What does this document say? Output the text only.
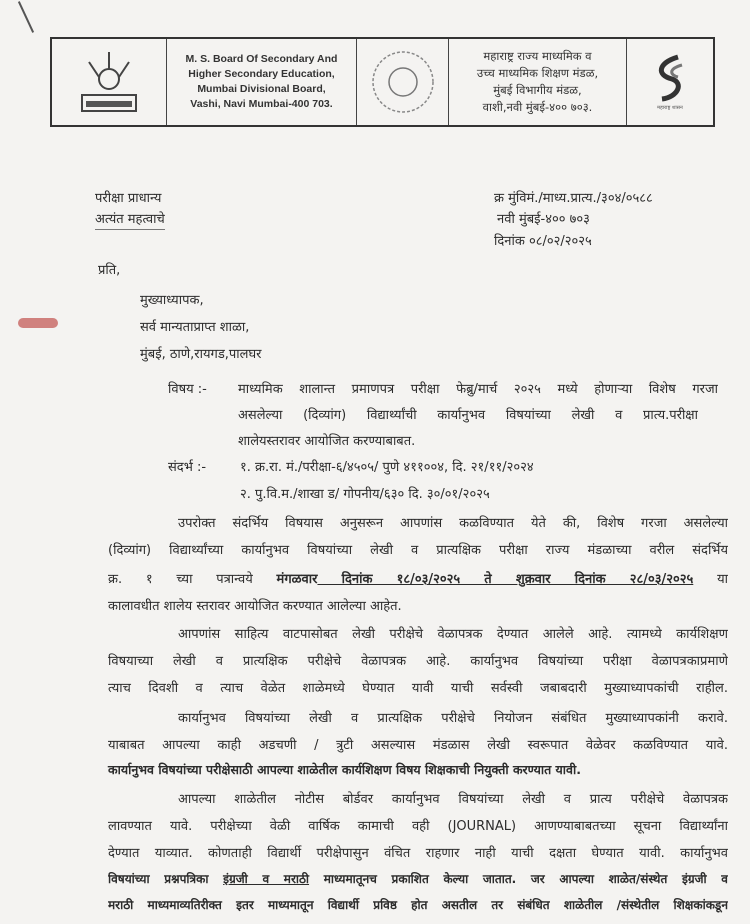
M. S. Board Of Secondary And
Higher Secondary Education,
Mumbai Divisional Board,
Vashi, Navi Mumbai-400 703.
महाराष्ट्र राज्य माध्यमिक व
उच्च माध्यमिक शिक्षण मंडळ,
मुंबई विभागीय मंडळ,
वाशी,नवी मुंबई-४०० ७०३.	महाराष्ट्र शासन
परीक्षा प्राधान्य
अत्यंत महत्वाचे
क्र मुंविमं./माध्य.प्रात्य./३०४/०५८८
नवी मुंबई-४०० ७०३
दिनांक ०८/०२/२०२५
प्रति,
मुख्याध्यापक,
सर्व मान्यताप्राप्त शाळा,
मुंबई, ठाणे,रायगड,पालघर
विषय :- माध्यमिक शालान्त प्रमाणपत्र परीक्षा फेब्रु/मार्च २०२५ मध्ये होणाऱ्या विशेष गरजा
असलेल्या (दिव्यांग) विद्यार्थ्यांची कार्यानुभव विषयांच्या लेखी व प्रात्य.परीक्षा
शालेयस्तरावर आयोजित करण्याबाबत.
संदर्भ :-	१. क्र.रा. मं./परीक्षा-६/४५०५/ पुणे ४११००४, दि. २१/११/२०२४
२. पु.वि.म./शाखा ड/ गोपनीय/६३० दि. ३०/०१/२०२५
उपरोक्त संदर्भिय विषयास अनुसरून आपणांस कळविण्यात येते की, विशेष गरजा असलेल्या
(दिव्यांग) विद्यार्थ्यांच्या कार्यानुभव विषयांच्या लेखी व प्रात्यक्षिक परीक्षा राज्य मंडळाच्या वरील संदर्भिय
क्र. १ च्या पत्रान्वये मंगळवार दिनांक १८/०३/२०२५ ते शुक्रवार दिनांक २८/०३/२०२५ या
कालावधीत शालेय स्तरावर आयोजित करण्यात आलेल्या आहेत.
आपणांस साहित्य वाटपासोबत लेखी परीक्षेचे वेळापत्रक देण्यात आलेले आहे. त्यामध्ये कार्यशिक्षण
विषयाच्या लेखी व प्रात्यक्षिक परीक्षेचे वेळापत्रक आहे. कार्यानुभव विषयांच्या परीक्षा वेळापत्रकाप्रमाणे
त्याच दिवशी व त्याच वेळेत शाळेमध्ये घेण्यात यावी याची सर्वस्वी जबाबदारी मुख्याध्यापकांची राहील.
कार्यानुभव विषयांच्या लेखी व प्रात्यक्षिक परीक्षेचे नियोजन संबंधित मुख्याध्यापकांनी करावे.
याबाबत आपल्या काही अडचणी / त्रुटी असल्यास मंडळास लेखी स्वरूपात वेळेवर कळविण्यात यावे.
कार्यानुभव विषयांच्या परीक्षेसाठी आपल्या शाळेतील कार्यशिक्षण विषय शिक्षकाची नियुक्ती करण्यात यावी.
आपल्या शाळेतील नोटीस बोर्डवर कार्यानुभव विषयांच्या लेखी व प्रात्य परीक्षेचे वेळापत्रक
लावण्यात यावे. परीक्षेच्या वेळी वार्षिक कामाची वही (JOURNAL) आणण्याबाबतच्या सूचना विद्यार्थ्यांना
देण्यात याव्यात. कोणताही विद्यार्थी परीक्षेपासुन वंचित राहणार नाही याची दक्षता घेण्यात यावी. कार्यानुभव
विषयांच्या प्रश्नपत्रिका इंग्रजी व मराठी माध्यमातूनच प्रकाशित केल्या जातात. जर आपल्या शाळेत/संस्थेत इंग्रजी व
मराठी माध्यमाव्यतिरीक्त इतर माध्यमातून विद्यार्थी प्रविष्ठ होत असतील तर संबंधित शाळेतील /संस्थेतील शिक्षकांकडून
